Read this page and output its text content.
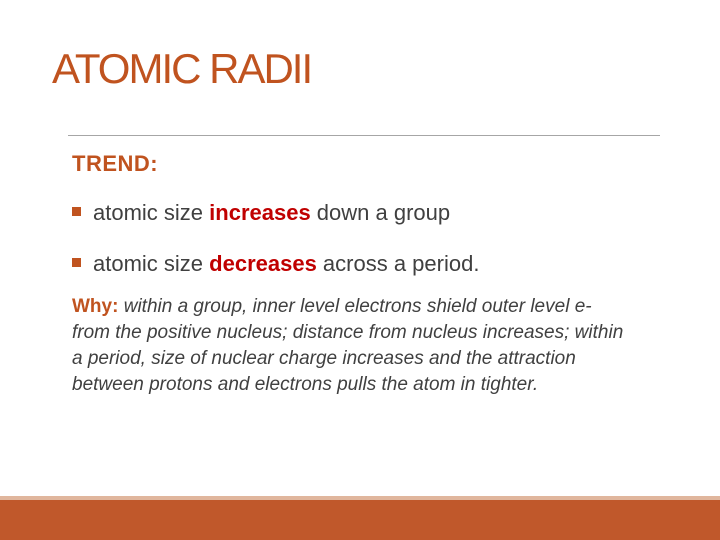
ATOMIC RADII
TREND:
atomic size increases down a group
atomic size decreases across a period.
Why: within a group, inner level electrons shield outer level e- from the positive nucleus; distance from nucleus increases; within a period, size of nuclear charge increases and the attraction between protons and electrons pulls the atom in tighter.
